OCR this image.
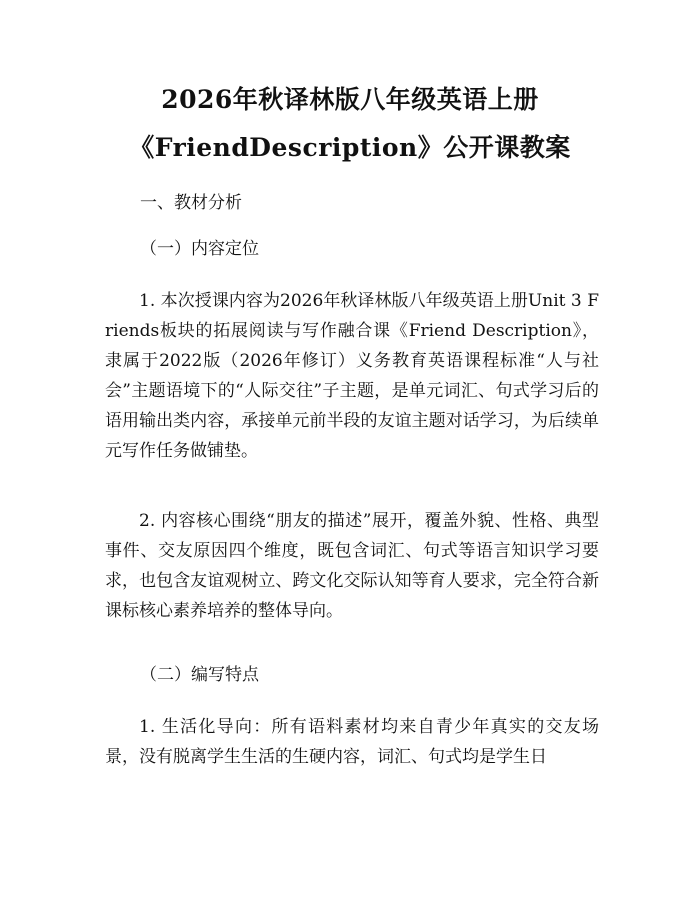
2026年秋译林版八年级英语上册
《FriendDescription》公开课教案
一、教材分析
（一）内容定位

1. 本次授课内容为2026年秋译林版八年级英语上册Unit 3 Friends板块的拓展阅读与写作融合课《Friend Description》，隶属于2022版（2026年修订）义务教育英语课程标准“人与社会”主题语境下的“人际交往”子主题，是单元词汇、句式学习后的语用输出类内容，承接单元前半段的友谊主题对话学习，为后续单元写作任务做铺垫。

2. 内容核心围绕“朋友的描述”展开，覆盖外貌、性格、典型事件、交友原因四个维度，既包含词汇、句式等语言知识学习要求，也包含友谊观树立、跨文化交际认知等育人要求，完全符合新课标核心素养培养的整体导向。

（二）编写特点

1. 生活化导向：所有语料素材均来自青少年真实的交友场景，没有脱离学生生活的生硬内容，词汇、句式均是学生日
